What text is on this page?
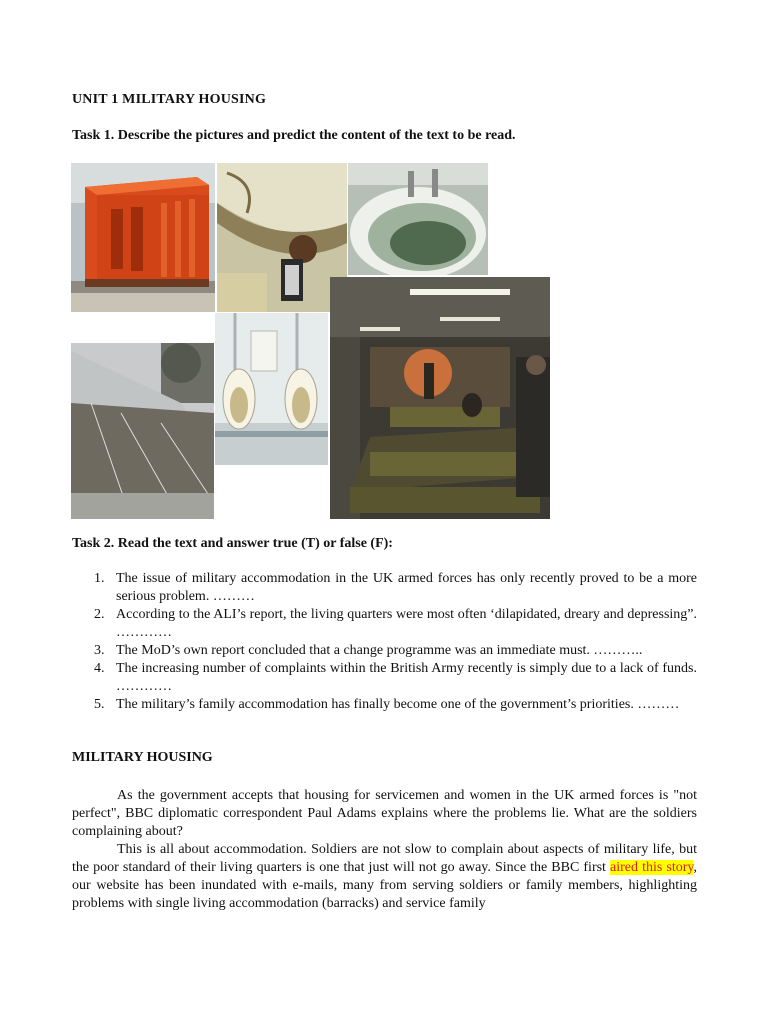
UNIT 1 MILITARY HOUSING
Task 1. Describe the pictures and predict the content of the text to be read.
Task 2. Read the text and answer true (T) or false (F):
1. The issue of military accommodation in the UK armed forces has only recently proved to be a more serious problem. ………
2. According to the ALI’s report, the living quarters were most often ‘dilapidated, dreary and depressing”. …………
3. The MoD’s own report concluded that a change programme was an immediate must. ………..
4. The increasing number of complaints within the British Army recently is simply due to a lack of funds. …………
5. The military’s family accommodation has finally become one of the government’s priorities. ………
MILITARY HOUSING

As the government accepts that housing for servicemen and women in the UK armed forces is "not perfect", BBC diplomatic correspondent Paul Adams explains where the problems lie. What are the soldiers complaining about?

This is all about accommodation. Soldiers are not slow to complain about aspects of military life, but the poor standard of their living quarters is one that just will not go away. Since the BBC first aired this story, our website has been inundated with e-mails, many from serving soldiers or family members, highlighting problems with single living accommodation (barracks) and service family
